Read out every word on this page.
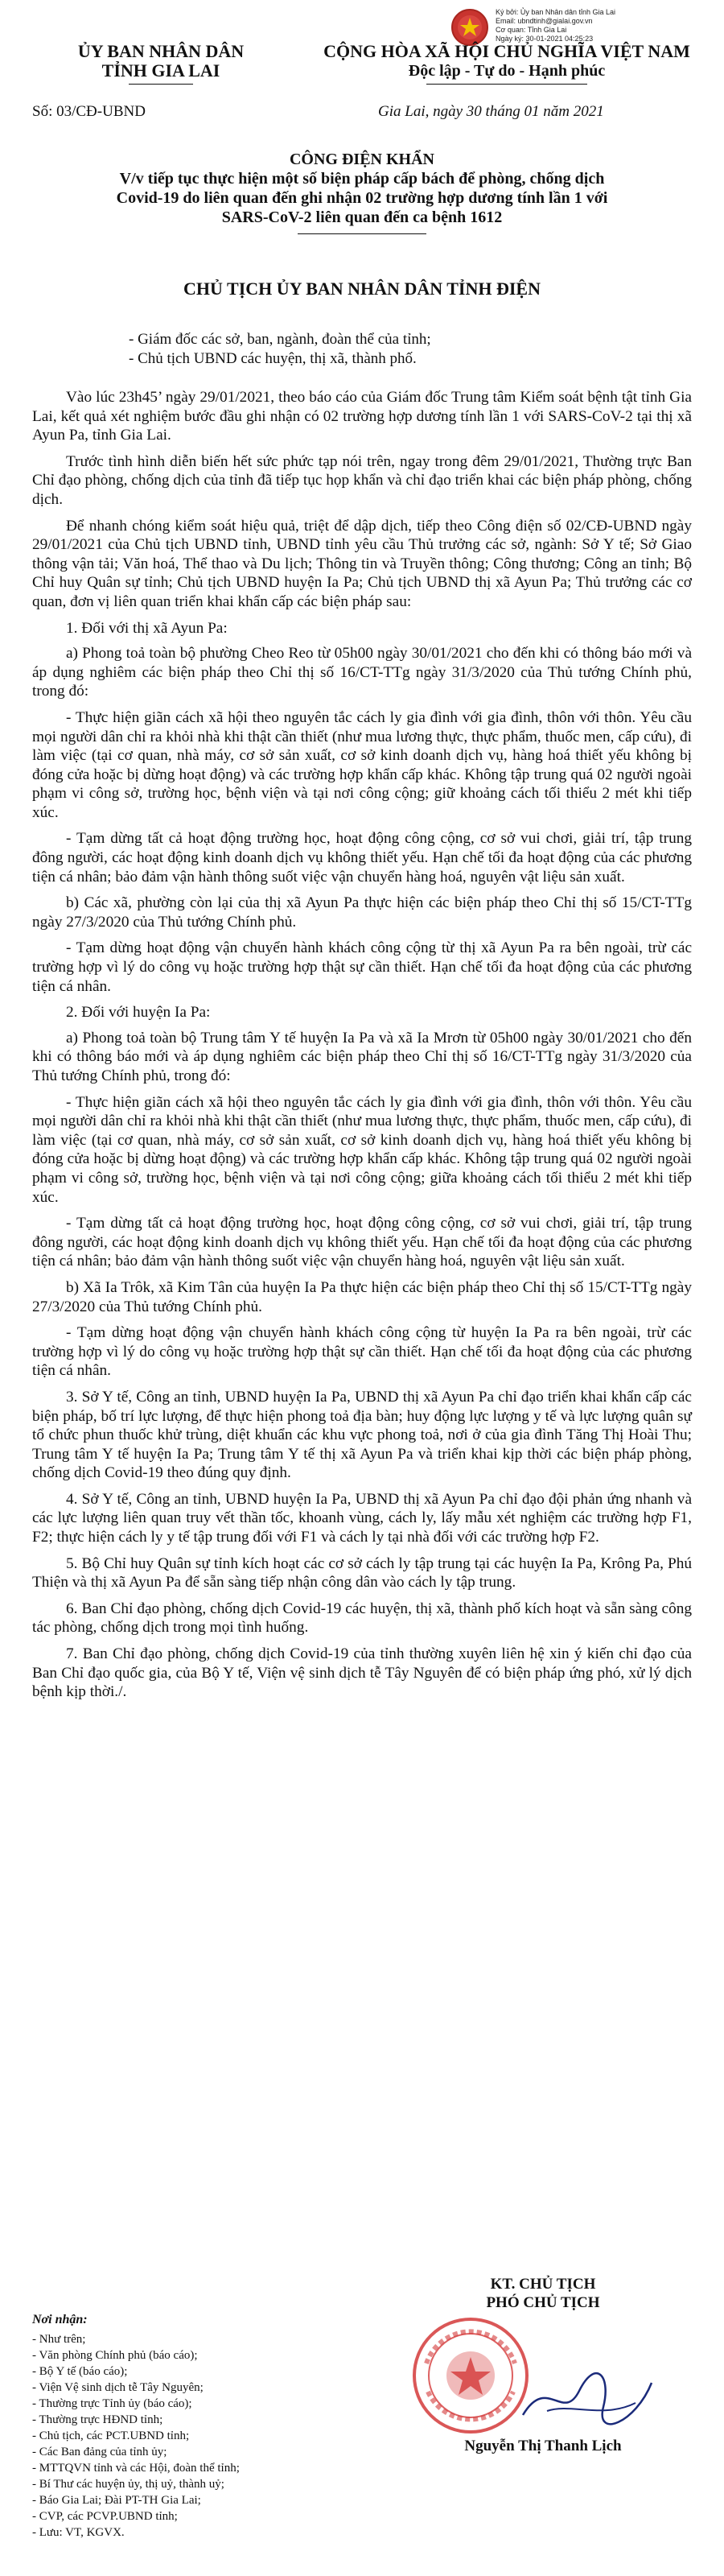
Ký bởi: Ủy ban Nhân dân tỉnh Gia Lai
Email: ubndtinh@gialai.gov.vn
Cơ quan: Tỉnh Gia Lai
Ngày ký: 30-01-2021 04:25:23
ỦY BAN NHÂN DÂN
TỈNH GIA LAI
CỘNG HÒA XÃ HỘI CHỦ NGHĨA VIỆT NAM
Độc lập - Tự do - Hạnh phúc
Số: 03/CĐ-UBND	Gia Lai, ngày 30 tháng 01 năm 2021
CÔNG ĐIỆN KHẨN
V/v tiếp tục thực hiện một số biện pháp cấp bách để phòng, chống dịch
Covid-19 do liên quan đến ghi nhận 02 trường hợp dương tính lần 1 với
SARS-CoV-2 liên quan đến ca bệnh 1612
CHỦ TỊCH ỦY BAN NHÂN DÂN TỈNH ĐIỆN
- Giám đốc các sở, ban, ngành, đoàn thể của tỉnh;
- Chủ tịch UBND các huyện, thị xã, thành phố.

Vào lúc 23h45’ ngày 29/01/2021, theo báo cáo của Giám đốc Trung tâm Kiểm soát bệnh tật tỉnh Gia Lai, kết quả xét nghiệm bước đầu ghi nhận có 02 trường hợp dương tính lần 1 với SARS-CoV-2 tại thị xã Ayun Pa, tỉnh Gia Lai.

Trước tình hình diễn biến hết sức phức tạp nói trên, ngay trong đêm 29/01/2021, Thường trực Ban Chỉ đạo phòng, chống dịch của tỉnh đã tiếp tục họp khẩn và chỉ đạo triển khai các biện pháp phòng, chống dịch.

Để nhanh chóng kiểm soát hiệu quả, triệt để dập dịch, tiếp theo Công điện số 02/CĐ-UBND ngày 29/01/2021 của Chủ tịch UBND tỉnh, UBND tỉnh yêu cầu Thủ trưởng các sở, ngành: Sở Y tế; Sở Giao thông vận tải; Văn hoá, Thể thao và Du lịch; Thông tin và Truyền thông; Công thương; Công an tỉnh; Bộ Chỉ huy Quân sự tỉnh; Chủ tịch UBND huyện Ia Pa; Chủ tịch UBND thị xã Ayun Pa; Thủ trưởng các cơ quan, đơn vị liên quan triển khai khẩn cấp các biện pháp sau:

1. Đối với thị xã Ayun Pa:

a) Phong toả toàn bộ phường Cheo Reo từ 05h00 ngày 30/01/2021 cho đến khi có thông báo mới và áp dụng nghiêm các biện pháp theo Chỉ thị số 16/CT-TTg ngày 31/3/2020 của Thủ tướng Chính phủ, trong đó:

- Thực hiện giãn cách xã hội theo nguyên tắc cách ly gia đình với gia đình, thôn với thôn. Yêu cầu mọi người dân chỉ ra khỏi nhà khi thật cần thiết (như mua lương thực, thực phẩm, thuốc men, cấp cứu), đi làm việc (tại cơ quan, nhà máy, cơ sở sản xuất, cơ sở kinh doanh dịch vụ, hàng hoá thiết yếu không bị đóng cửa hoặc bị dừng hoạt động) và các trường hợp khẩn cấp khác. Không tập trung quá 02 người ngoài phạm vi công sở, trường học, bệnh viện và tại nơi công cộng; giữ khoảng cách tối thiểu 2 mét khi tiếp xúc.

- Tạm dừng tất cả hoạt động trường học, hoạt động công cộng, cơ sở vui chơi, giải trí, tập trung đông người, các hoạt động kinh doanh dịch vụ không thiết yếu. Hạn chế tối đa hoạt động của các phương tiện cá nhân; bảo đảm vận hành thông suốt việc vận chuyển hàng hoá, nguyên vật liệu sản xuất.

b) Các xã, phường còn lại của thị xã Ayun Pa thực hiện các biện pháp theo Chỉ thị số 15/CT-TTg ngày 27/3/2020 của Thủ tướng Chính phủ.

- Tạm dừng hoạt động vận chuyển hành khách công cộng từ thị xã Ayun Pa ra bên ngoài, trừ các trường hợp vì lý do công vụ hoặc trường hợp thật sự cần thiết. Hạn chế tối đa hoạt động của các phương tiện cá nhân.

2. Đối với huyện Ia Pa:

a) Phong toả toàn bộ Trung tâm Y tế huyện Ia Pa và xã Ia Mrơn từ 05h00 ngày 30/01/2021 cho đến khi có thông báo mới và áp dụng nghiêm các biện pháp theo Chỉ thị số 16/CT-TTg ngày 31/3/2020 của Thủ tướng Chính phủ, trong đó:

- Thực hiện giãn cách xã hội theo nguyên tắc cách ly gia đình với gia đình, thôn với thôn. Yêu cầu mọi người dân chỉ ra khỏi nhà khi thật cần thiết (như mua lương thực, thực phẩm, thuốc men, cấp cứu), đi làm việc (tại cơ quan, nhà máy, cơ sở sản xuất, cơ sở kinh doanh dịch vụ, hàng hoá thiết yếu không bị đóng cửa hoặc bị dừng hoạt động) và các trường hợp khẩn cấp khác. Không tập trung quá 02 người ngoài phạm vi công sở, trường học, bệnh viện và tại nơi công cộng; giữa khoảng cách tối thiểu 2 mét khi tiếp xúc.

- Tạm dừng tất cả hoạt động trường học, hoạt động công cộng, cơ sở vui chơi, giải trí, tập trung đông người, các hoạt động kinh doanh dịch vụ không thiết yếu. Hạn chế tối đa hoạt động của các phương tiện cá nhân; bảo đảm vận hành thông suốt việc vận chuyển hàng hoá, nguyên vật liệu sản xuất.

b) Xã Ia Trôk, xã Kim Tân của huyện Ia Pa thực hiện các biện pháp theo Chỉ thị số 15/CT-TTg ngày 27/3/2020 của Thủ tướng Chính phủ.

- Tạm dừng hoạt động vận chuyển hành khách công cộng từ huyện Ia Pa ra bên ngoài, trừ các trường hợp vì lý do công vụ hoặc trường hợp thật sự cần thiết. Hạn chế tối đa hoạt động của các phương tiện cá nhân.

3. Sở Y tế, Công an tỉnh, UBND huyện Ia Pa, UBND thị xã Ayun Pa chỉ đạo triển khai khẩn cấp các biện pháp, bố trí lực lượng, để thực hiện phong toả địa bàn; huy động lực lượng y tế và lực lượng quân sự tổ chức phun thuốc khử trùng, diệt khuẩn các khu vực phong toả, nơi ở của gia đình Tăng Thị Hoài Thu; Trung tâm Y tế huyện Ia Pa; Trung tâm Y tế thị xã Ayun Pa và triển khai kịp thời các biện pháp phòng, chống dịch Covid-19 theo đúng quy định.

4. Sở Y tế, Công an tỉnh, UBND huyện Ia Pa, UBND thị xã Ayun Pa chỉ đạo đội phản ứng nhanh và các lực lượng liên quan truy vết thần tốc, khoanh vùng, cách ly, lấy mẫu xét nghiệm các trường hợp F1, F2; thực hiện cách ly y tế tập trung đối với F1 và cách ly tại nhà đối với các trường hợp F2.

5. Bộ Chỉ huy Quân sự tỉnh kích hoạt các cơ sở cách ly tập trung tại các huyện Ia Pa, Krông Pa, Phú Thiện và thị xã Ayun Pa để sẵn sàng tiếp nhận công dân vào cách ly tập trung.

6. Ban Chỉ đạo phòng, chống dịch Covid-19 các huyện, thị xã, thành phố kích hoạt và sẵn sàng công tác phòng, chống dịch trong mọi tình huống.

7. Ban Chỉ đạo phòng, chống dịch Covid-19 của tỉnh thường xuyên liên hệ xin ý kiến chỉ đạo của Ban Chỉ đạo quốc gia, của Bộ Y tế, Viện vệ sinh dịch tễ Tây Nguyên để có biện pháp ứng phó, xử lý dịch bệnh kịp thời./.

Nơi nhận:
- Như trên;
- Văn phòng Chính phủ (báo cáo);
- Bộ Y tế (báo cáo);
- Viện Vệ sinh dịch tễ Tây Nguyên;
- Thường trực Tỉnh ủy (báo cáo);
- Thường trực HĐND tỉnh;
- Chủ tịch, các PCT.UBND tỉnh;
- Các Ban đảng của tỉnh ủy;
- MTTQVN tỉnh và các Hội, đoàn thể tỉnh;
- Bí Thư các huyện ủy, thị uỷ, thành uỷ;
- Báo Gia Lai; Đài PT-TH Gia Lai;
- CVP, các PCVP.UBND tỉnh;
- Lưu: VT, KGVX.
KT. CHỦ TỊCH
PHÓ CHỦ TỊCH
Nguyễn Thị Thanh Lịch
